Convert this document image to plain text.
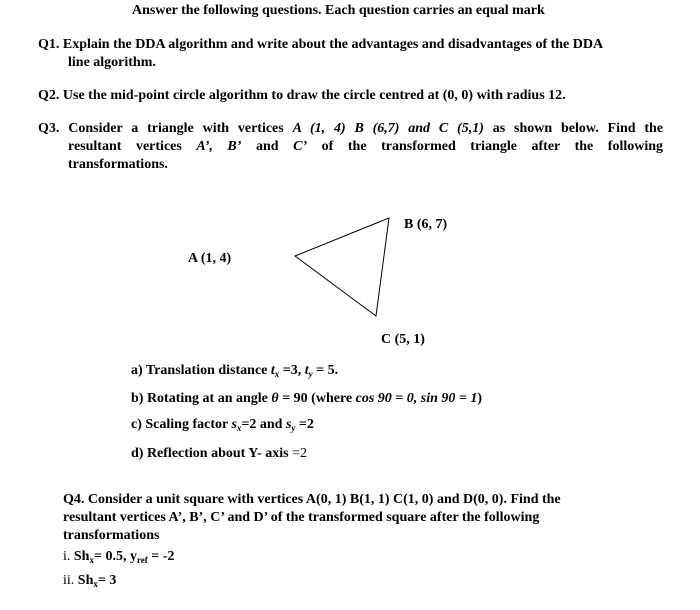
Answer the following questions. Each question carries an equal mark
Q1. Explain the DDA algorithm and write about the advantages and disadvantages of the DDA
line algorithm.
Q2. Use the mid-point circle algorithm to draw the circle centred at (0, 0) with radius 12.
Q3. Consider a triangle with vertices A (1, 4) B (6,7) and C (5,1) as shown below. Find the
resultant vertices A’, B’ and C’ of the transformed triangle after the following
transformations.
A (1, 4)
B (6, 7)
C (5, 1)
a) Translation distance $t_x =3$, $t_y = 5$.
b) Rotating at an angle θ = 90 (where cos 90 = 0, sin 90 = 1)
c) Scaling factor $s_x=2$ and $s_y =2$
d) Reflection about Y- axis =2
Q4. Consider a unit square with vertices A(0, 1) B(1, 1) C(1, 0) and D(0, 0). Find the
resultant vertices A’, B’, C’ and D’ of the transformed square after the following
transformations
i. $Sh_x= 0.5$, $y_{ref} = -2$
ii. $Sh_x= 3$
